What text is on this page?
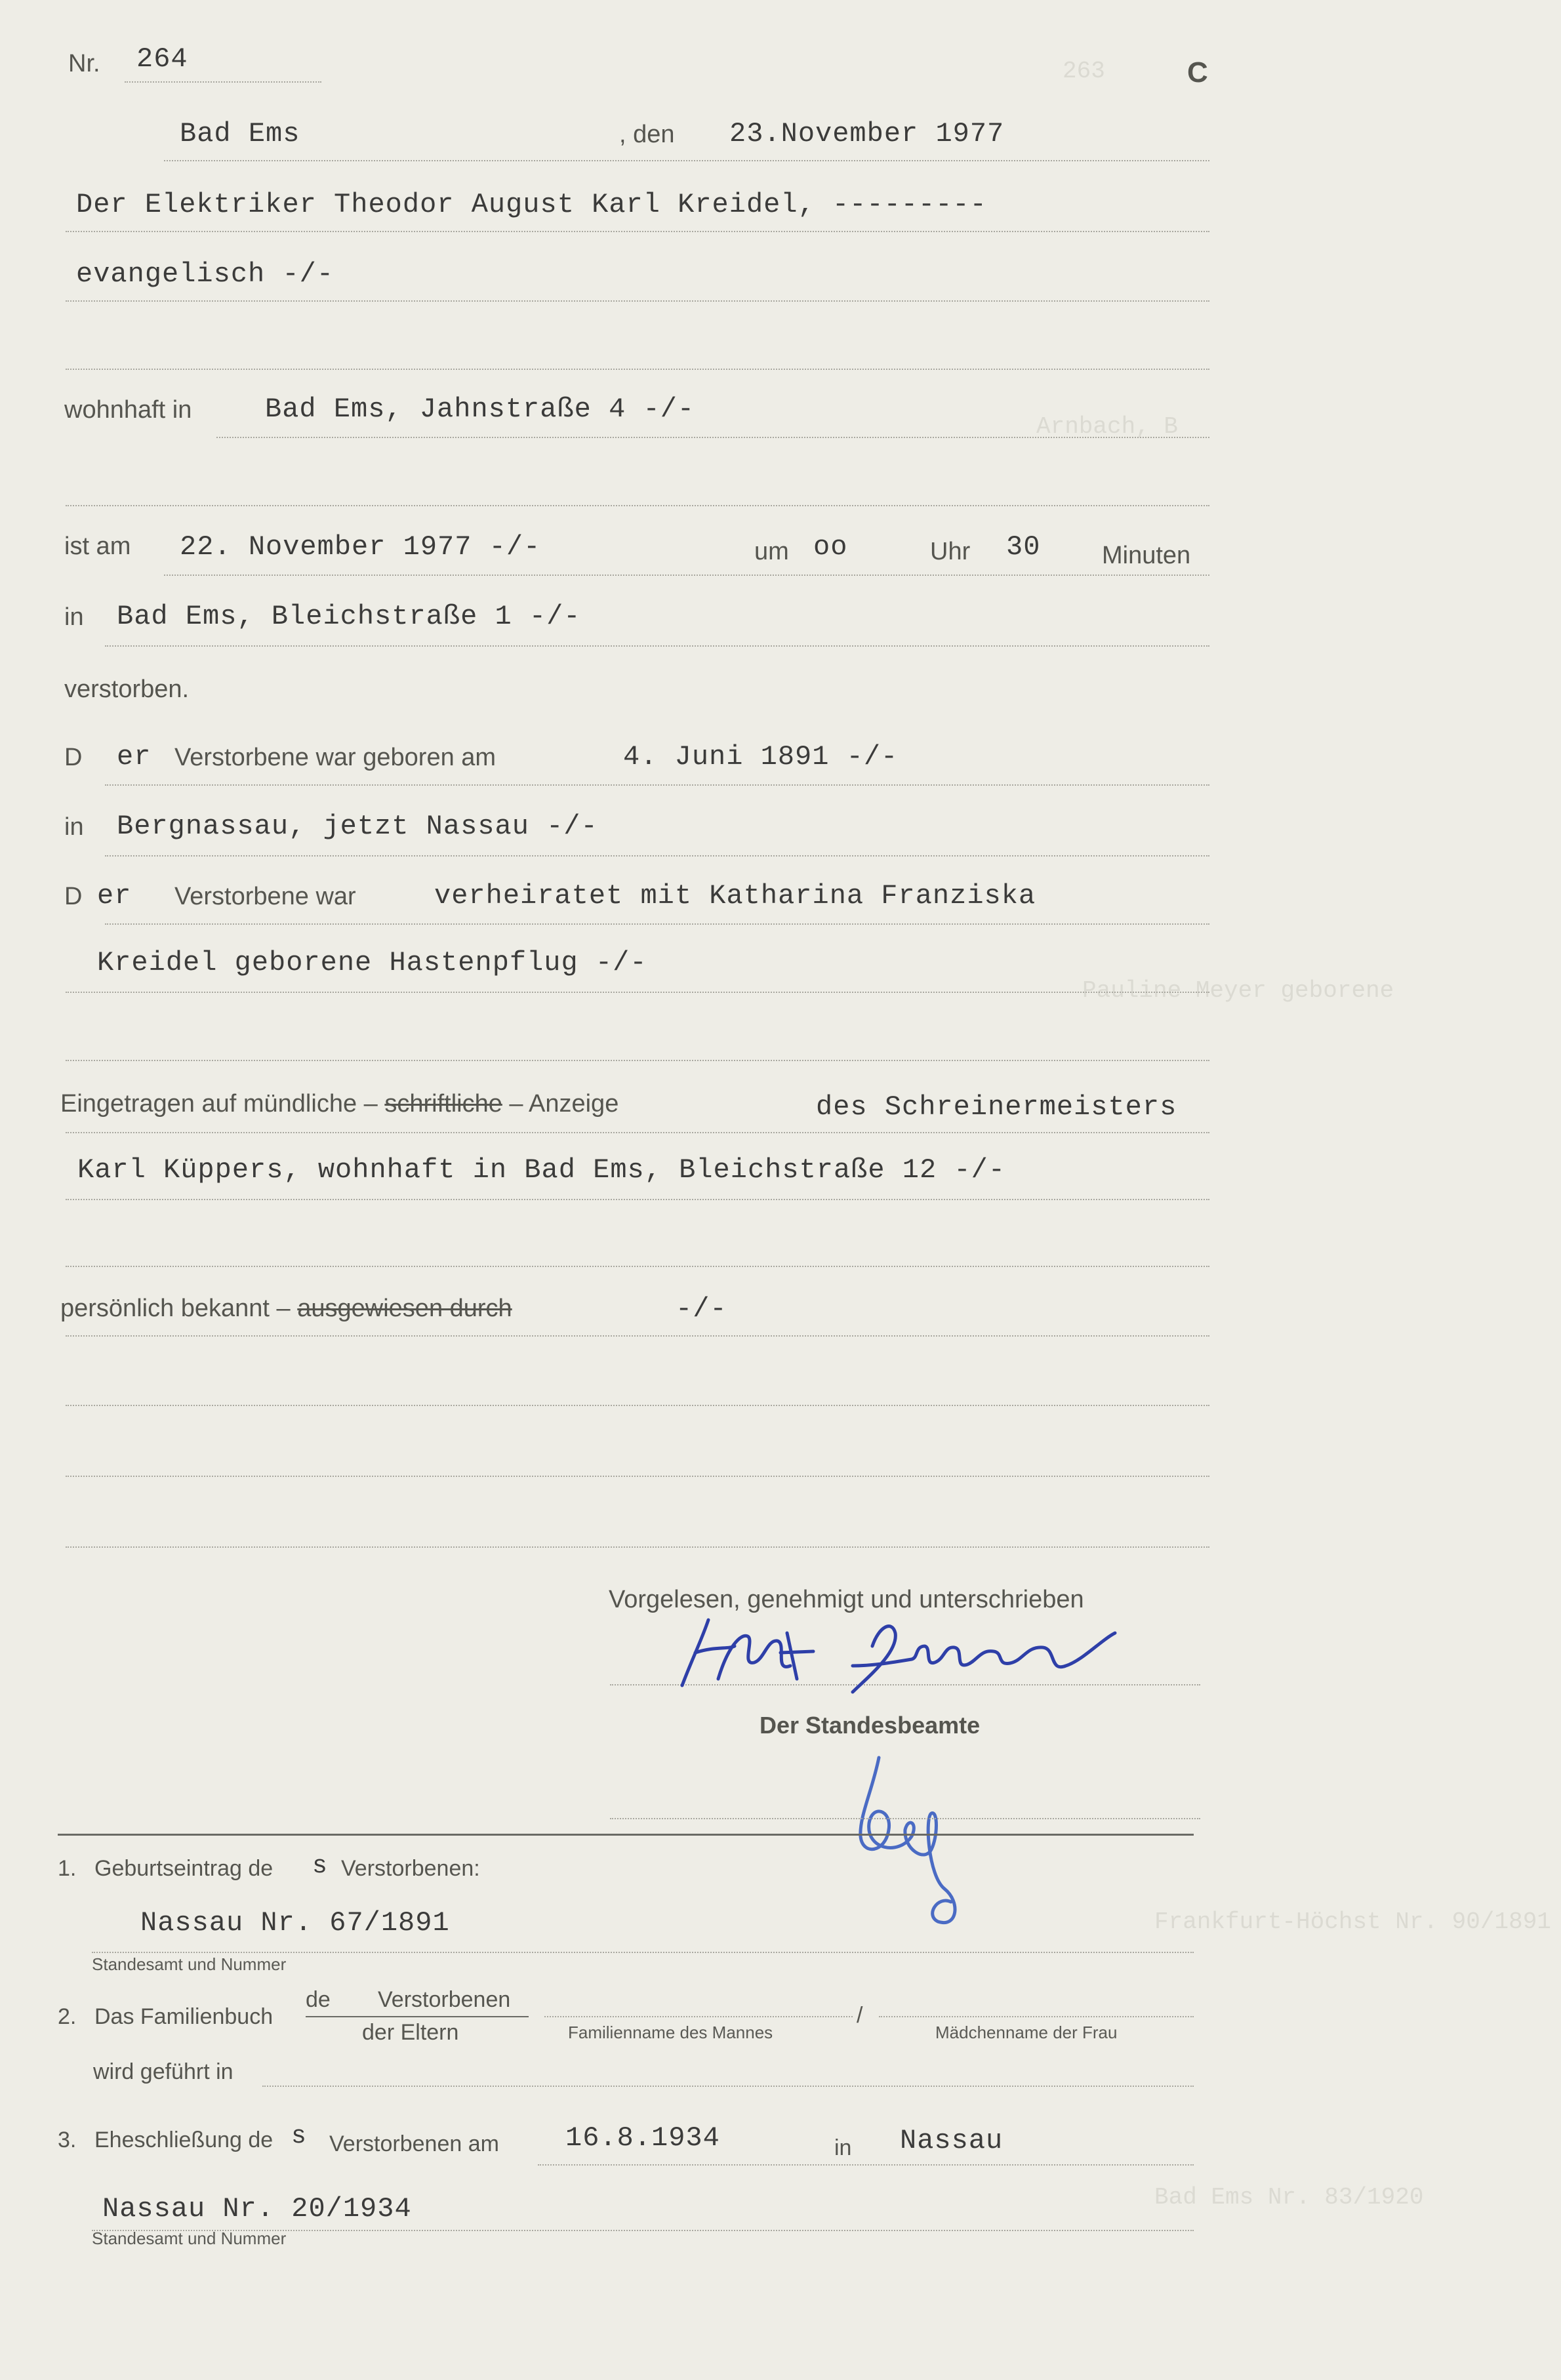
263
Arnbach, B
Pauline Meyer geborene
Frankfurt-Höchst Nr. 90/1891
Bad Ems Nr. 83/1920
Nr. 264	C
Bad Ems	, den 23.November 1977
Der Elektriker Theodor August Karl Kreidel, ---------
evangelisch -/-
wohnhaft in	Bad Ems, Jahnstraße 4 -/-
ist am 22. November 1977 -/-	um oo	Uhr 30 Minuten
in Bad Ems, Bleichstraße 1 -/-
verstorben.
D er Verstorbene war geboren am	4. Juni 1891 -/-
in Bergnassau, jetzt Nassau -/-
D er Verstorbene war	verheiratet mit Katharina Franziska
Kreidel geborene Hastenpflug -/-
Eingetragen auf mündliche – schriftliche – Anzeige	des Schreinermeisters
Karl Küppers, wohnhaft in Bad Ems, Bleichstraße 12 -/-
persönlich bekannt – ausgewiesen durch	-/-
Vorgelesen, genehmigt und unterschrieben
Der Standesbeamte
1. Geburtseintrag de s Verstorbenen:
Nassau Nr. 67/1891
Standesamt und Nummer
2. Das Familienbuch
de Verstorbenen
der Eltern	Familienname des Mannes
/
Mädchenname der Frau
wird geführt in
3. Eheschließung de s Verstorbenen am 16.8.1934	in Nassau
Nassau Nr. 20/1934
Standesamt und Nummer
